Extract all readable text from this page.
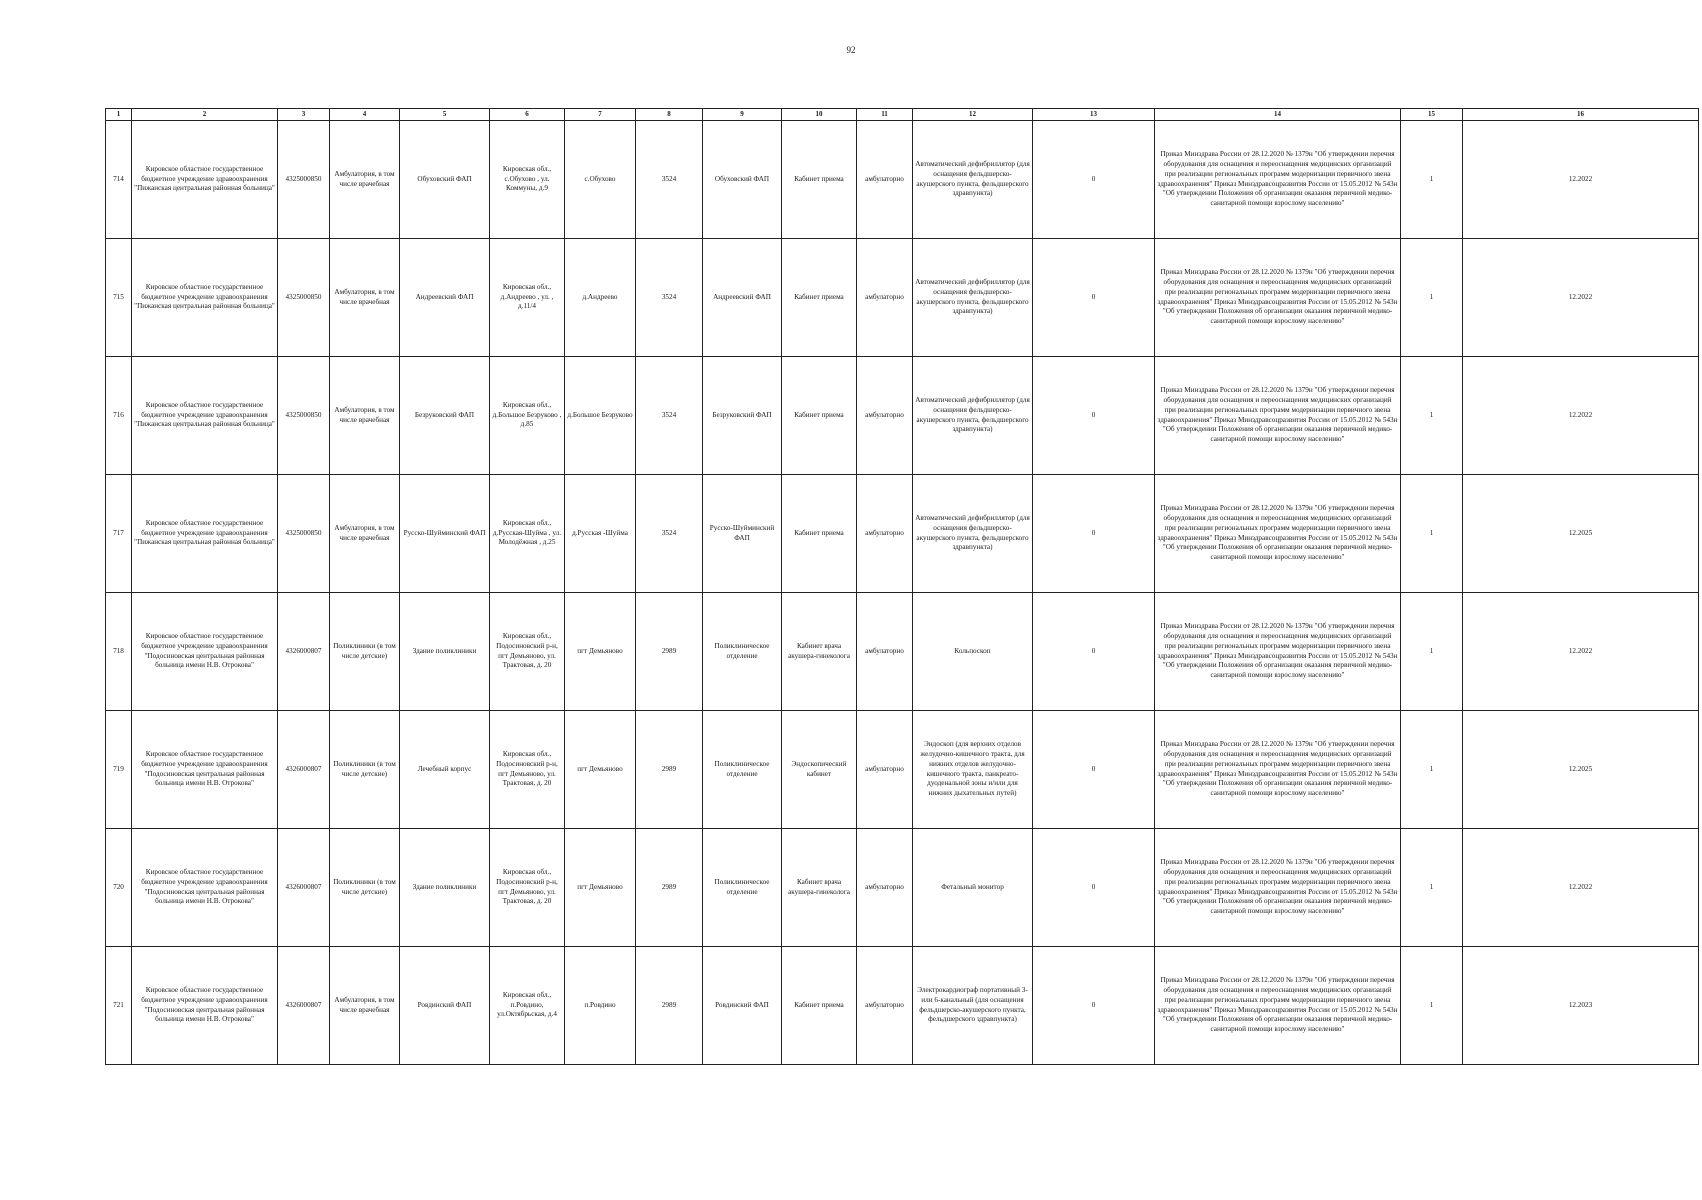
92
1	2	3	4	5	6	7	8	9	10	11	12	13	14	15	16
714	Кировское областное государственное бюджетное учреждение здравоохранения "Пижанская центральная районная больница"	4325000850	Амбулатория, в том числе врачебная	Обуховский ФАП	Кировская обл., с.Обухово , ул. Коммуны, д.9	с.Обухово	3524	Обуховский ФАП	Кабинет приема	амбулаторно	Автоматический дефибриллятор (для оснащения фельдшерско-акушерского пункта, фельдшерского здравпункта)	0	Приказ Минздрава России от 28.12.2020 № 1379н "Об утверждении перечня оборудования для оснащения и переоснащения медицинских организаций при реализации региональных программ модернизации первичного звена здравоохранения" Приказ Минздравсоцразвития России от 15.05.2012 № 543н "Об утверждении Положения об организации оказания первичной медико-санитарной помощи взрослому населению"	1	12.2022
715	Кировское областное государственное бюджетное учреждение здравоохранения "Пижанская центральная районная больница"	4325000850	Амбулатория, в том числе врачебная	Андреевский ФАП	Кировская обл., д.Андреево , ул. , д.11/4	д.Андреево	3524	Андреевский ФАП	Кабинет приема	амбулаторно	Автоматический дефибриллятор (для оснащения фельдшерско-акушерского пункта, фельдшерского здравпункта)	0	Приказ Минздрава России от 28.12.2020 № 1379н "Об утверждении перечня оборудования для оснащения и переоснащения медицинских организаций при реализации региональных программ модернизации первичного звена здравоохранения" Приказ Минздравсоцразвития России от 15.05.2012 № 543н "Об утверждении Положения об организации оказания первичной медико-санитарной помощи взрослому населению"	1	12.2022
716	Кировское областное государственное бюджетное учреждение здравоохранения "Пижанская центральная районная больница"	4325000850	Амбулатория, в том числе врачебная	Безруковский ФАП	Кировская обл., д.Большое Безруково , д.85	д.Большое Безруково	3524	Безруковский ФАП	Кабинет приема	амбулаторно	Автоматический дефибриллятор (для оснащения фельдшерско-акушерского пункта, фельдшерского здравпункта)	0	Приказ Минздрава России от 28.12.2020 № 1379н "Об утверждении перечня оборудования для оснащения и переоснащения медицинских организаций при реализации региональных программ модернизации первичного звена здравоохранения" Приказ Минздравсоцразвития России от 15.05.2012 № 543н "Об утверждении Положения об организации оказания первичной медико-санитарной помощи взрослому населению"	1	12.2022
717	Кировское областное государственное бюджетное учреждение здравоохранения "Пижанская центральная районная больница"	4325000850	Амбулатория, в том числе врачебная	Русско-Шуйминский ФАП	Кировская обл., д.Русская-Шуйма , ул. Молодёжная , д.25	д.Русская -Шуйма	3524	Русско-Шуйминский ФАП	Кабинет приема	амбулаторно	Автоматический дефибриллятор (для оснащения фельдшерско-акушерского пункта, фельдшерского здравпункта)	0	Приказ Минздрава России от 28.12.2020 № 1379н "Об утверждении перечня оборудования для оснащения и переоснащения медицинских организаций при реализации региональных программ модернизации первичного звена здравоохранения" Приказ Минздравсоцразвития России от 15.05.2012 № 543н "Об утверждении Положения об организации оказания первичной медико-санитарной помощи взрослому населению"	1	12.2025
718	Кировское областное государственное бюджетное учреждение здравоохранения "Подосиновская центральная районная больница имени Н.В. Отрокова"	4326000807	Поликлиники (в том числе детские)	Здание поликлиники	Кировская обл., Подосиновский р-н, пгт Демьяново, ул. Трактовая, д. 20	пгт Демьяново	2989	Поликлиническое отделение	Кабинет врача акушера-гинеколога	амбулаторно	Кольпоскоп	0	Приказ Минздрава России от 28.12.2020 № 1379н "Об утверждении перечня оборудования для оснащения и переоснащения медицинских организаций при реализации региональных программ модернизации первичного звена здравоохранения" Приказ Минздравсоцразвития России от 15.05.2012 № 543н "Об утверждении Положения об организации оказания первичной медико-санитарной помощи взрослому населению"	1	12.2022
719	Кировское областное государственное бюджетное учреждение здравоохранения "Подосиновская центральная районная больница имени Н.В. Отрокова"	4326000807	Поликлиники (в том числе детские)	Лечебный корпус	Кировская обл., Подосиновский р-н, пгт Демьяново, ул. Трактовая, д. 20	пгт Демьяново	2989	Поликлиническое отделение	Эндоскопический кабинет	амбулаторно	Эндоскоп (для верхних отделов желудочно-кишечного тракта, для нижних отделов желудочно-кишечного тракта, панкреато-дуоденальной зоны и/или для нижних дыхательных путей)	0	Приказ Минздрава России от 28.12.2020 № 1379н "Об утверждении перечня оборудования для оснащения и переоснащения медицинских организаций при реализации региональных программ модернизации первичного звена здравоохранения" Приказ Минздравсоцразвития России от 15.05.2012 № 543н "Об утверждении Положения об организации оказания первичной медико-санитарной помощи взрослому населению"	1	12.2025
720	Кировское областное государственное бюджетное учреждение здравоохранения "Подосиновская центральная районная больница имени Н.В. Отрокова"	4326000807	Поликлиники (в том числе детские)	Здание поликлиники	Кировская обл., Подосиновский р-н, пгт Демьяново, ул. Трактовая, д. 20	пгт Демьяново	2989	Поликлиническое отделение	Кабинет врача акушера-гинеколога	амбулаторно	Фетальный монитор	0	Приказ Минздрава России от 28.12.2020 № 1379н "Об утверждении перечня оборудования для оснащения и переоснащения медицинских организаций при реализации региональных программ модернизации первичного звена здравоохранения" Приказ Минздравсоцразвития России от 15.05.2012 № 543н "Об утверждении Положения об организации оказания первичной медико-санитарной помощи взрослому населению"	1	12.2022
721	Кировское областное государственное бюджетное учреждение здравоохранения "Подосиновская центральная районная больница имени Н.В. Отрокова"	4326000807	Амбулатория, в том числе врачебная	Ровдинский ФАП	Кировская обл., п.Ровдино, ул.Октябрьская, д.4	п.Ровдино	2989	Ровдинский ФАП	Кабинет приема	амбулаторно	Электрокардиограф портативный 3- или 6-канальный (для оснащения фельдшерско-акушерского пункта, фельдшерского здравпункта)	0	Приказ Минздрава России от 28.12.2020 № 1379н "Об утверждении перечня оборудования для оснащения и переоснащения медицинских организаций при реализации региональных программ модернизации первичного звена здравоохранения" Приказ Минздравсоцразвития России от 15.05.2012 № 543н "Об утверждении Положения об организации оказания первичной медико-санитарной помощи взрослому населению"	1	12.2023
